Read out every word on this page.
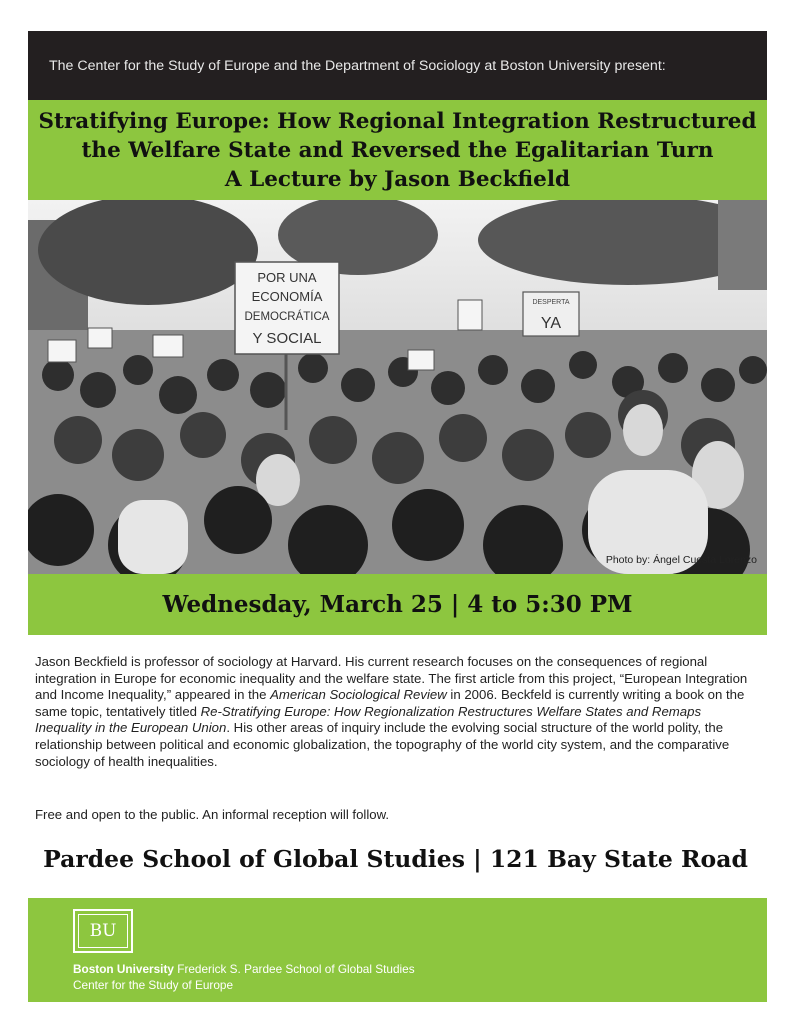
The Center for the Study of Europe and the Department of Sociology at Boston University present:
Stratifying Europe: How Regional Integration Restructured
the Welfare State and Reversed the Egalitarian Turn
A Lecture by Jason Beckfield
POR UNA
ECONOMÍA
DEMOCRÁTICA
Y SOCIAL
DESPERTA
YA
Photo by: Ángel Cuesta Lorenzo
Wednesday, March 25 | 4 to 5:30 PM
Jason Beckfield is professor of sociology at Harvard. His current research focuses on the consequences of regional integration in Europe for economic inequality and the welfare state. The first article from this project, “European Integration and Income Inequality,” appeared in the American Sociological Review in 2006. Beckfeld is currently writing a book on the same topic, tentatively titled Re-Stratifying Europe: How Regionalization Restructures Welfare States and Remaps Inequality in the European Union. His other areas of inquiry include the evolving social structure of the world polity, the relationship between political and economic globalization, the topography of the world city system, and the comparative sociology of health inequalities.
Free and open to the public. An informal reception will follow.
Pardee School of Global Studies | 121 Bay State Road
BU
Boston University Frederick S. Pardee School of Global Studies
Center for the Study of Europe
